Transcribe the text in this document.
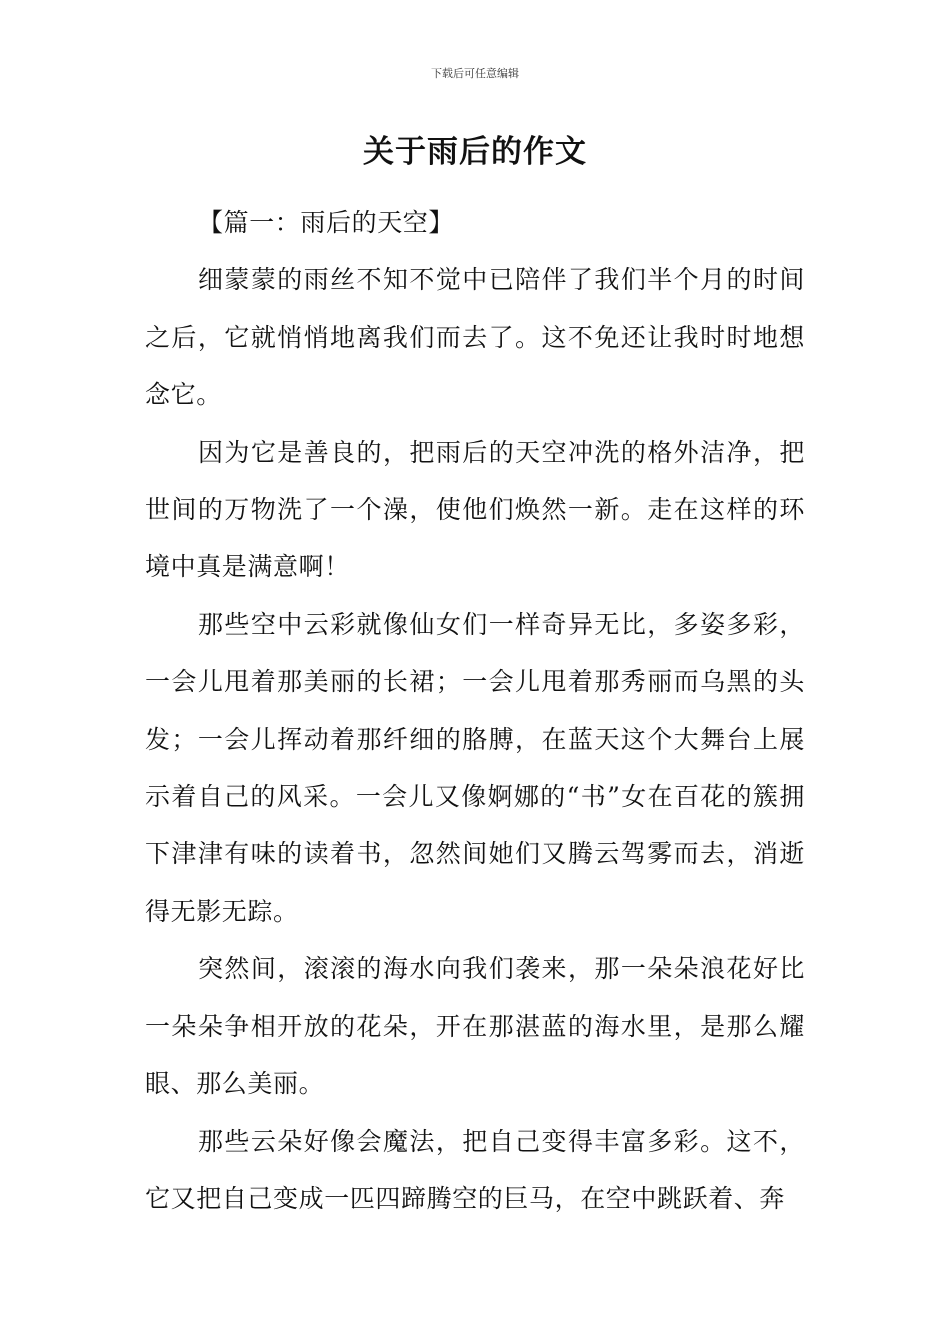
下载后可任意编辑
关于雨后的作文
【篇一：雨后的天空】

细蒙蒙的雨丝不知不觉中已陪伴了我们半个月的时间之后，它就悄悄地离我们而去了。这不免还让我时时地想念它。

因为它是善良的，把雨后的天空冲洗的格外洁净，把世间的万物洗了一个澡，使他们焕然一新。走在这样的环境中真是满意啊！

那些空中云彩就像仙女们一样奇异无比，多姿多彩，一会儿甩着那美丽的长裙；一会儿甩着那秀丽而乌黑的头发；一会儿挥动着那纤细的胳膊，在蓝天这个大舞台上展示着自己的风采。一会儿又像婀娜的“书”女在百花的簇拥下津津有味的读着书，忽然间她们又腾云驾雾而去，消逝得无影无踪。

突然间，滚滚的海水向我们袭来，那一朵朵浪花好比一朵朵争相开放的花朵，开在那湛蓝的海水里，是那么耀眼、那么美丽。

那些云朵好像会魔法，把自己变得丰富多彩。这不，它又把自己变成一匹四蹄腾空的巨马，在空中跳跃着、奔
